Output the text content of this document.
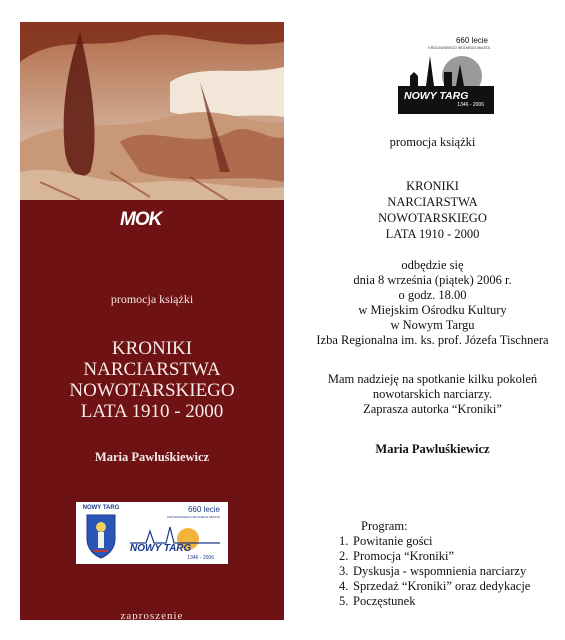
MOK
promocja książki
KRONIKI
NARCIARSTWA
NOWOTARSKIEGO
LATA 1910 - 2000
Maria Pawluśkiewicz
NOWY TARG	660 lecie
KRÓLEWSKIEGO WOLNEGO MIASTA
NOWY TARG
1346 - 2006
zaproszenie
660 lecie
KRÓLEWSKIEGO WOLNEGO MIASTA
NOWY TARG
1346 - 2006
promocja książki
KRONIKI
NARCIARSTWA
NOWOTARSKIEGO
LATA 1910 - 2000
odbędzie się
dnia 8 września (piątek) 2006 r.
o godz. 18.00
w Miejskim Ośrodku Kultury
w Nowym Targu
Izba Regionalna im. ks. prof. Józefa Tischnera
Mam nadzieję na spotkanie kilku pokoleń
nowotarskich narciarzy.
Zaprasza autorka “Kroniki”
Maria Pawluśkiewicz
Program:
1. Powitanie gości
2. Promocja “Kroniki”
3. Dyskusja - wspomnienia narciarzy
4. Sprzedaż “Kroniki” oraz dedykacje
5. Poczęstunek
